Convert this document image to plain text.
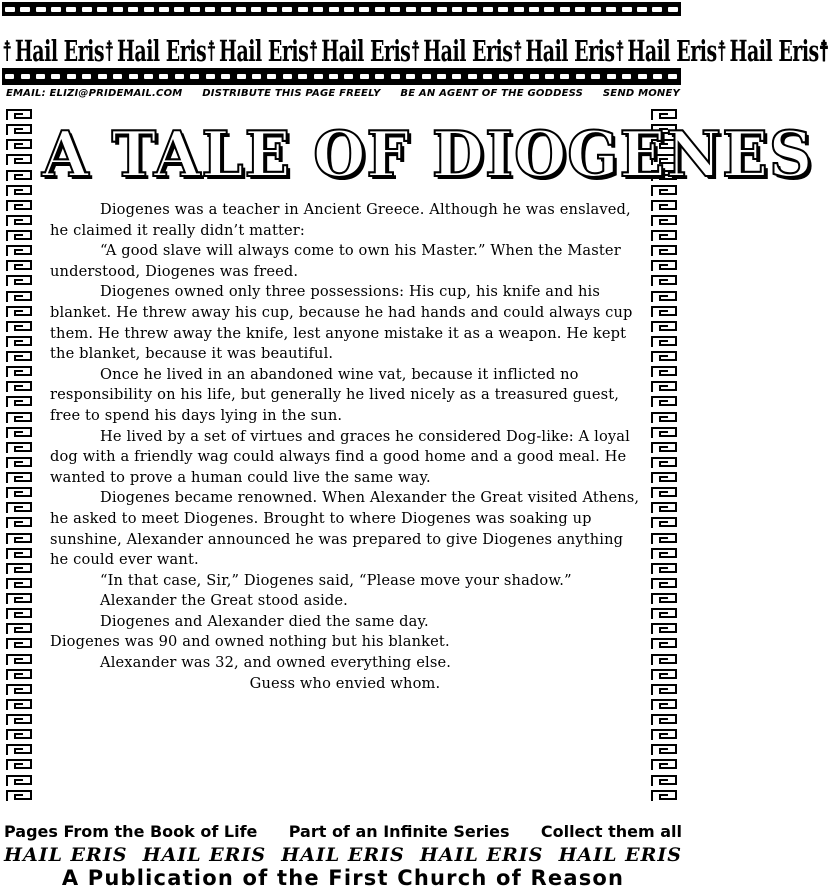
☨ Hail Eris ☨ Hail Eris ☨ Hail Eris ☨ Hail Eris ☨ Hail Eris ☨ Hail Eris ☨ Hail Eris ☨ Hail Eris ☨
EMAIL: ELIZI@PRIDEMAIL.COM DISTRIBUTE THIS PAGE FREELY BE AN AGENT OF THE GODDESS SEND MONEY
A TALE OF DIOGENES

Diogenes was a teacher in Ancient Greece. Although he was enslaved, he claimed it really didn’t matter:

“A good slave will always come to own his Master.” When the Master understood, Diogenes was freed.

Diogenes owned only three possessions: His cup, his knife and his blanket. He threw away his cup, because he had hands and could always cup them. He threw away the knife, lest anyone mistake it as a weapon. He kept the blanket, because it was beautiful.

Once he lived in an abandoned wine vat, because it inflicted no responsibility on his life, but generally he lived nicely as a treasured guest, free to spend his days lying in the sun.

He lived by a set of virtues and graces he considered Dog-like: A loyal dog with a friendly wag could always find a good home and a good meal. He wanted to prove a human could live the same way.

Diogenes became renowned. When Alexander the Great visited Athens, he asked to meet Diogenes. Brought to where Diogenes was soaking up sunshine, Alexander announced he was prepared to give Diogenes anything he could ever want.

“In that case, Sir,” Diogenes said, “Please move your shadow.”

Alexander the Great stood aside.

Diogenes and Alexander died the same day.

Diogenes was 90 and owned nothing but his blanket.

Alexander was 32, and owned everything else.

Guess who envied whom.

Pages From the Book of Life Part of an Infinite Series Collect them all
HAIL ERIS HAIL ERIS HAIL ERIS HAIL ERIS HAIL ERIS
A Publication of the First Church of Reason
